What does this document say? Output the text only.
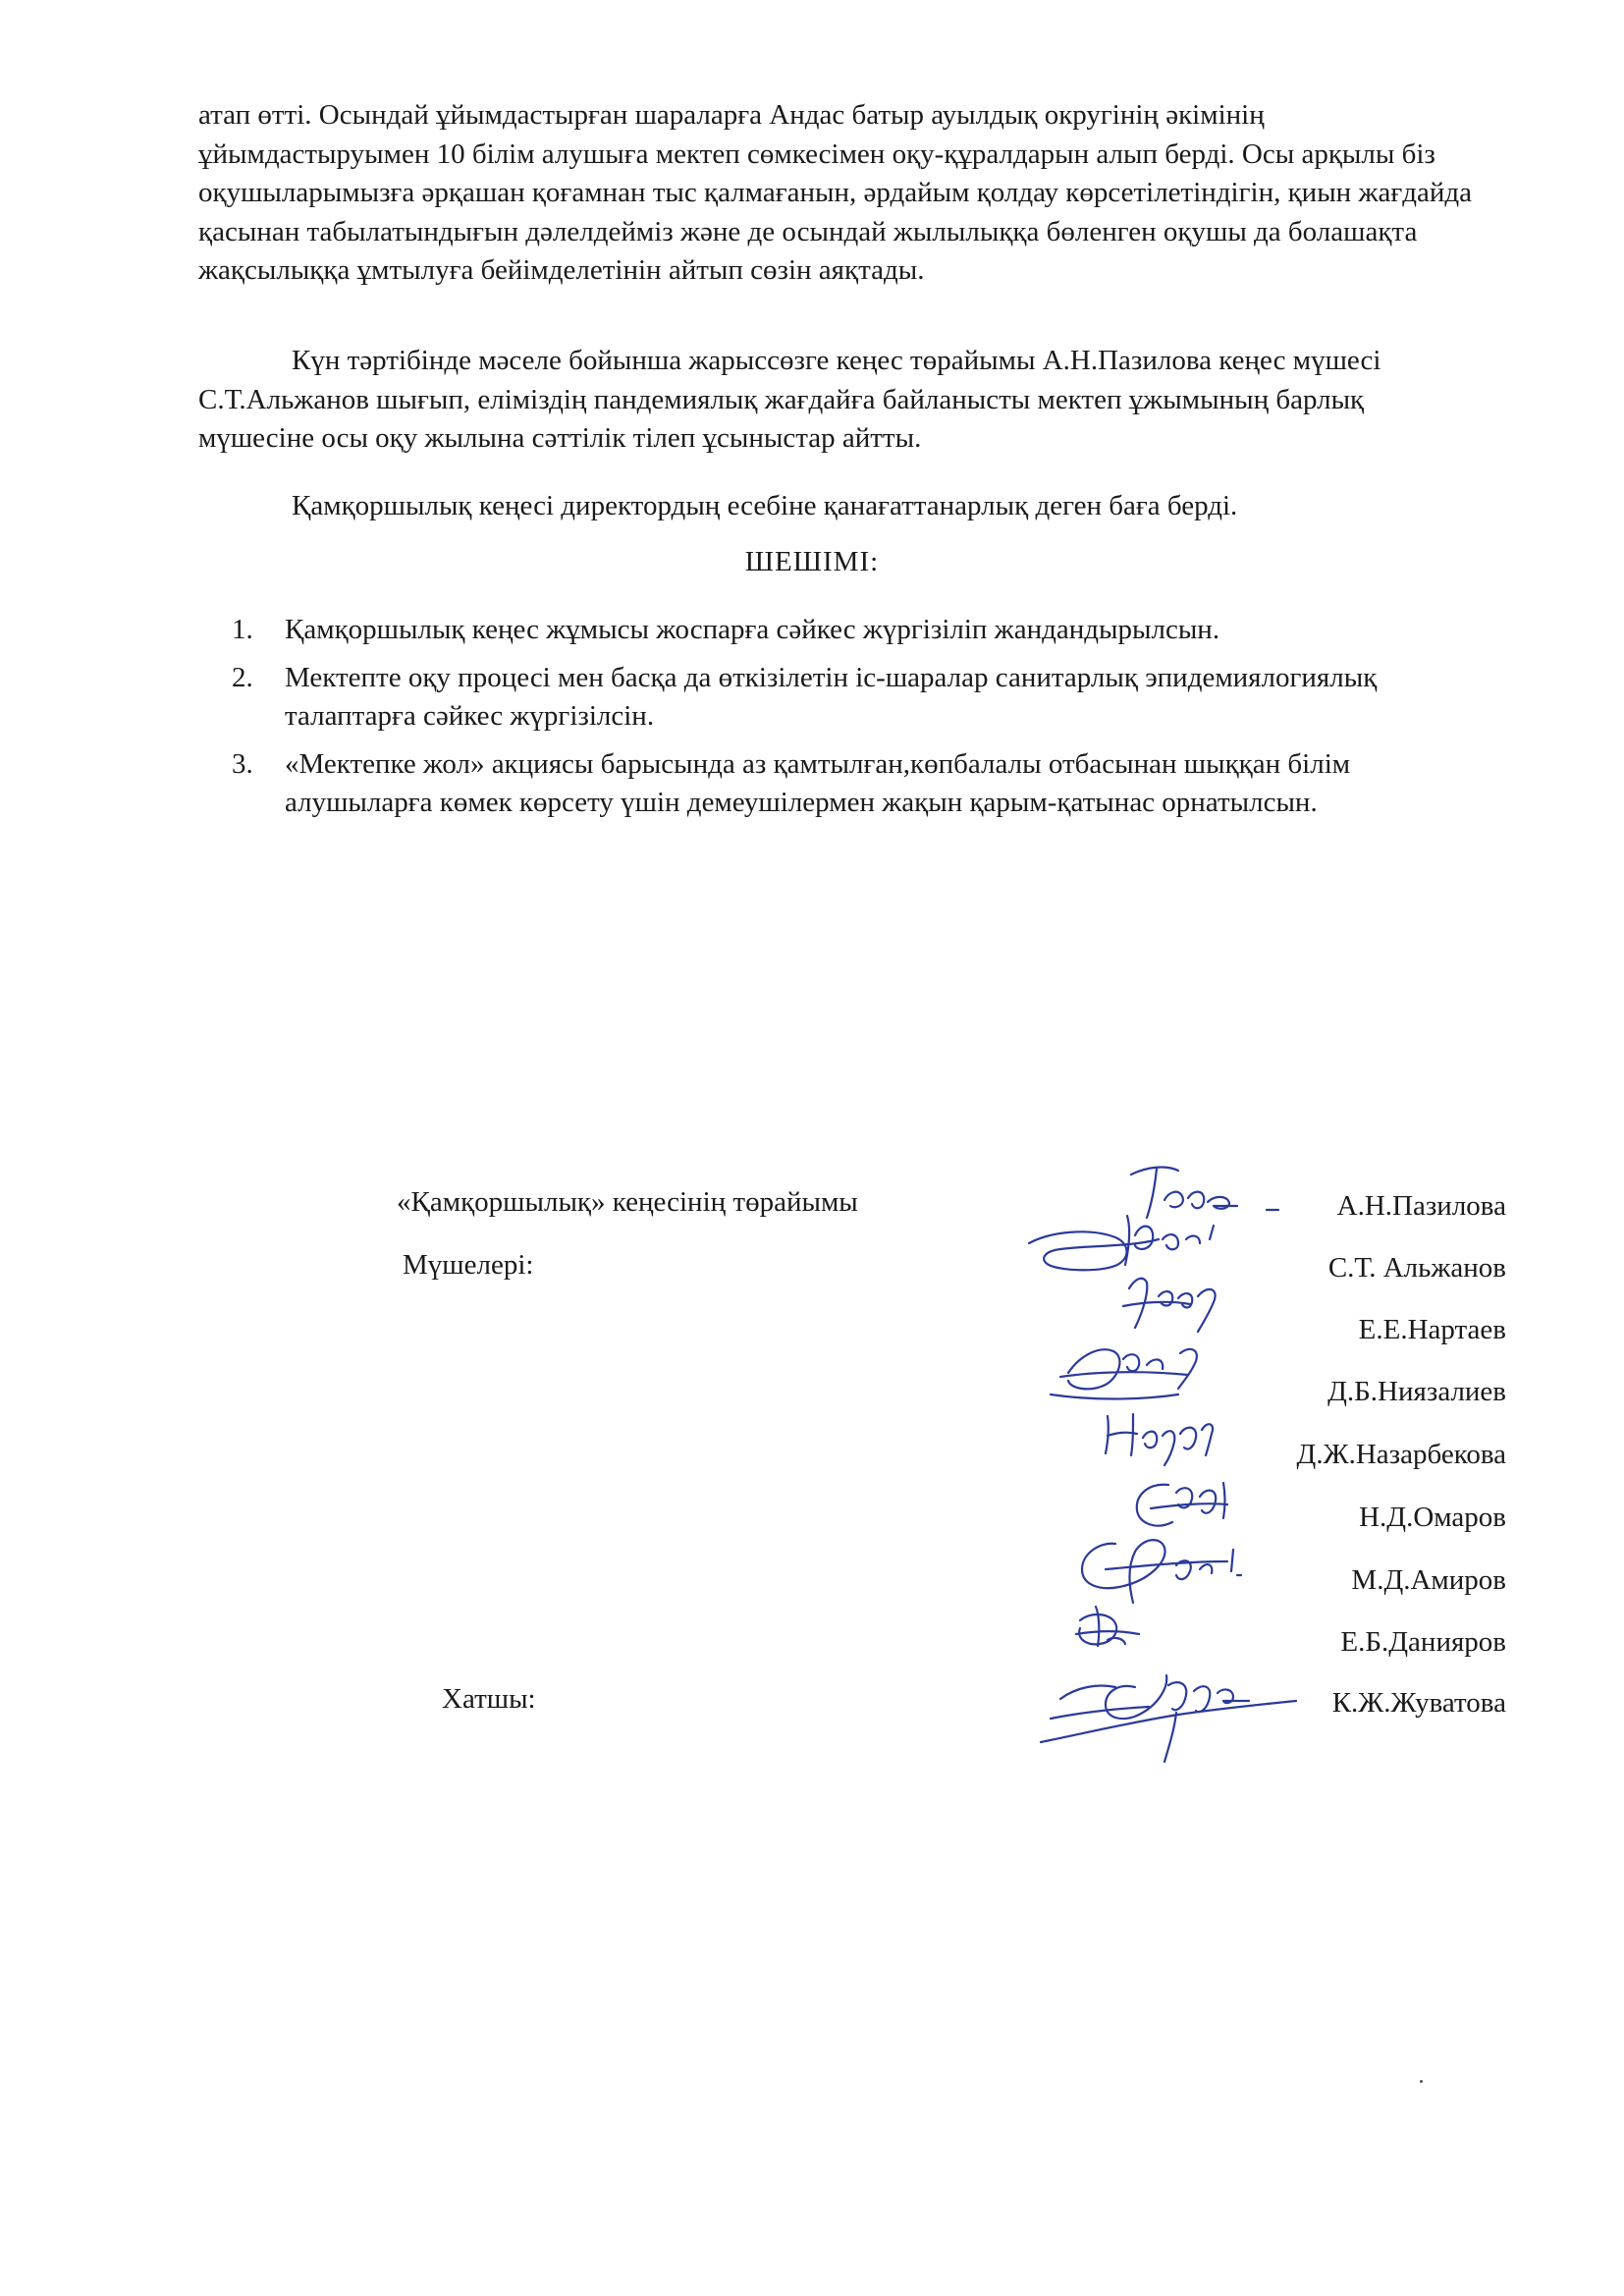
атап өтті. Осындай ұйымдастырған шараларға Андас батыр ауылдық округінің әкімінің ұйымдастыруымен 10 білім алушыға мектеп сөмкесімен оқу-құралдарын алып берді. Осы арқылы біз оқушыларымызға әрқашан қоғамнан тыс қалмағанын, әрдайым қолдау көрсетілетіндігін, қиын жағдайда қасынан табылатындығын дәлелдейміз және де осындай жылылыққа бөленген оқушы да болашақта жақсылыққа ұмтылуға бейімделетінін айтып сөзін аяқтады.
Күн тәртібінде мәселе бойынша жарыссөзге кеңес төрайымы А.Н.Пазилова кеңес мүшесі С.Т.Альжанов шығып, еліміздің пандемиялық жағдайға байланысты мектеп ұжымының барлық мүшесіне осы оқу жылына сәттілік тілеп ұсыныстар айтты.
Қамқоршылық кеңесі директордың есебіне қанағаттанарлық деген баға берді.
ШЕШІМІ:
1.	Қамқоршылық кеңес жұмысы жоспарға сәйкес жүргізіліп жандандырылсын.
2.	Мектепте оқу процесі мен басқа да өткізілетін іс-шаралар санитарлық эпидемиялогиялық талаптарға сәйкес жүргізілсін.
3.	«Мектепке жол» акциясы барысында аз қамтылған,көпбалалы отбасынан шыққан білім алушыларға көмек көрсету үшін демеушілермен жақын қарым-қатынас орнатылсын.
«Қамқоршылық» кеңесінің төрайымы
Мүшелері:
Хатшы:
А.Н.Пазилова
С.Т. Альжанов
Е.Е.Нартаев
Д.Б.Ниязалиев
Д.Ж.Назарбекова
Н.Д.Омаров
М.Д.Амиров
Е.Б.Данияров
К.Ж.Жуватова
